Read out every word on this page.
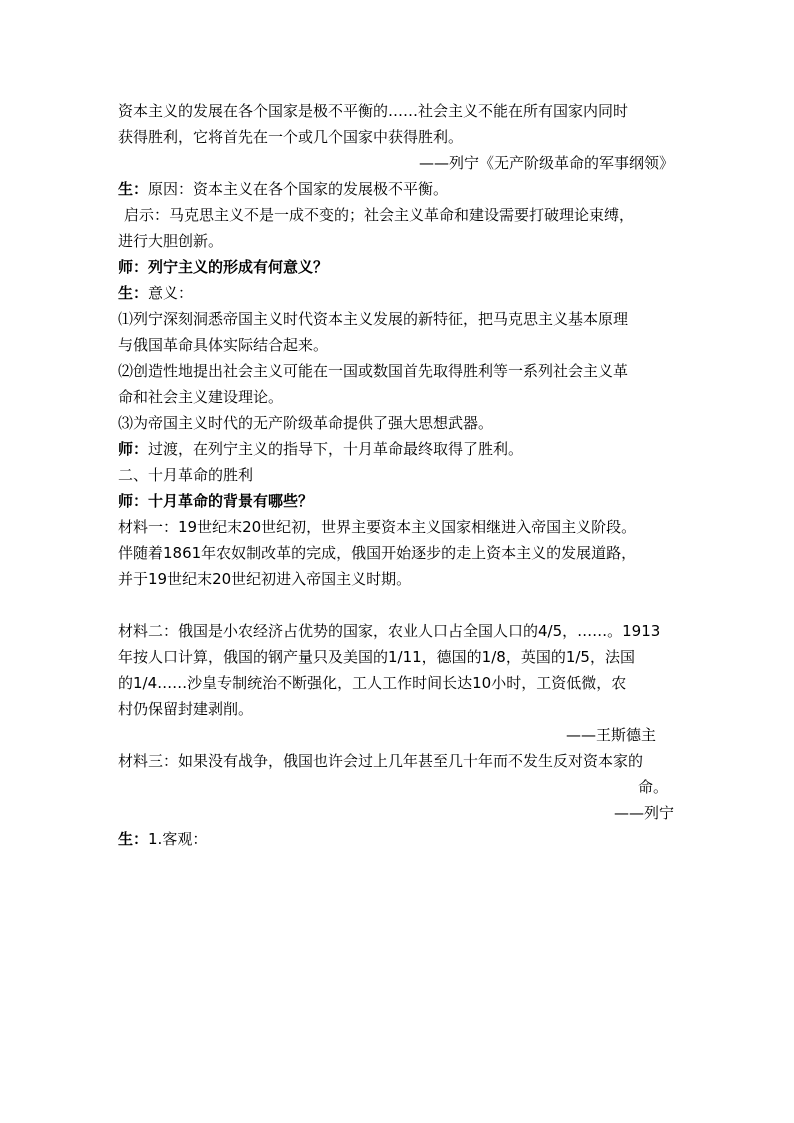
资本主义的发展在各个国家是极不平衡的……社会主义不能在所有国家内同时
获得胜利，它将首先在一个或几个国家中获得胜利。
——列宁《无产阶级革命的军事纲领》
生：原因：资本主义在各个国家的发展极不平衡。
启示：马克思主义不是一成不变的；社会主义革命和建设需要打破理论束缚，
进行大胆创新。
师：列宁主义的形成有何意义？
生：意义：
⑴列宁深刻洞悉帝国主义时代资本主义发展的新特征，把马克思主义基本原理
与俄国革命具体实际结合起来。
⑵创造性地提出社会主义可能在一国或数国首先取得胜利等一系列社会主义革
命和社会主义建设理论。
⑶为帝国主义时代的无产阶级革命提供了强大思想武器。
师：过渡，在列宁主义的指导下，十月革命最终取得了胜利。
二、十月革命的胜利
师：十月革命的背景有哪些？
材料一：19世纪末20世纪初，世界主要资本主义国家相继进入帝国主义阶段。
伴随着1861年农奴制改革的完成，俄国开始逐步的走上资本主义的发展道路，
并于19世纪末20世纪初进入帝国主义时期。
材料二：俄国是小农经济占优势的国家，农业人口占全国人口的4/5，……。1913
年按人口计算，俄国的钢产量只及美国的1/11，德国的1/8，英国的1/5，法国
的1/4……沙皇专制统治不断强化，工人工作时间长达10小时，工资低微，农
村仍保留封建剥削。
——王斯德主
材料三：如果没有战争，俄国也许会过上几年甚至几十年而不发生反对资本家的
命。
——列宁
生：1.客观：
